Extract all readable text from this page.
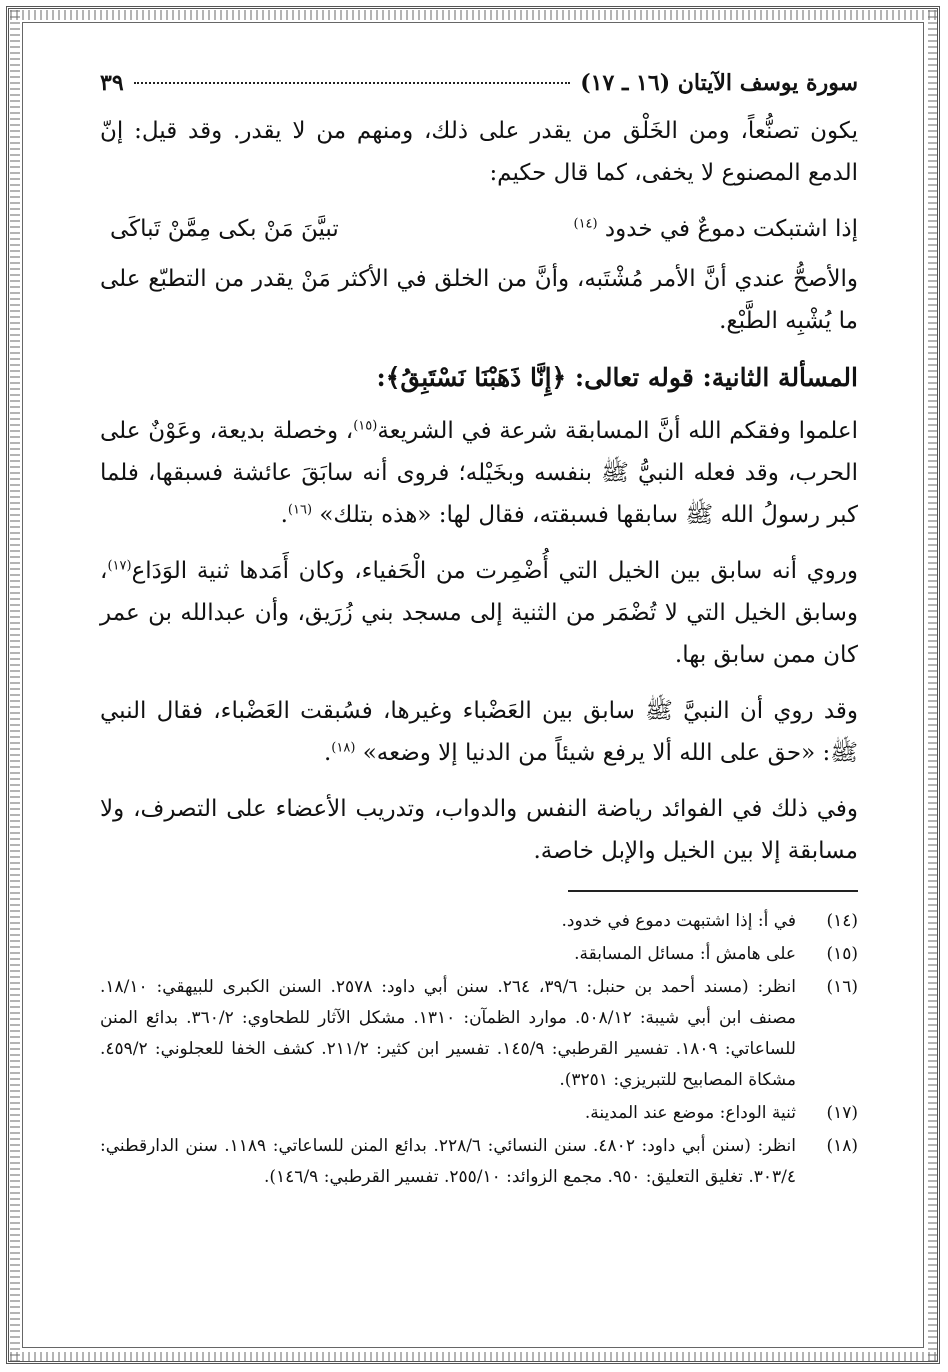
سورة يوسف الآيتان (١٦ ـ ١٧)
٣٩

يكون تصنُّعاً، ومن الخَلْق من يقدر على ذلك، ومنهم من لا يقدر. وقد قيل: إنّ الدمع المصنوع لا يخفى، كما قال حكيم:

إذا اشتبكت دموعٌ في خدود $^{(١٤)}$
تبيَّنَ مَنْ بكى مِمَّنْ تَباكَى

والأصحُّ عندي أنَّ الأمر مُشْتَبه، وأنَّ من الخلق في الأكثر مَنْ يقدر من التطبّع على ما يُشْبِه الطَّبْع.

المسألة الثانية: قوله تعالى: ﴿إِنَّا ذَهَبْنَا نَسْتَبِقُ﴾:

اعلموا وفقكم الله أنَّ المسابقة شرعة في الشريعة$^{(١٥)}$، وخصلة بديعة، وعَوْنٌ على الحرب، وقد فعله النبيُّ ﷺ بنفسه وبخَيْله؛ فروى أنه سابَقَ عائشة فسبقها، فلما كبر رسولُ الله ﷺ سابقها فسبقته، فقال لها: «هذه بتلك» $^{(١٦)}$.

وروي أنه سابق بين الخيل التي أُضْمِرت من الْحَفياء، وكان أَمَدها ثنية الوَدَاع$^{(١٧)}$، وسابق الخيل التي لا تُضْمَر من الثنية إلى مسجد بني زُرَيق، وأن عبدالله بن عمر كان ممن سابق بها.

وقد روي أن النبيَّ ﷺ سابق بين العَضْباء وغيرها، فسُبقت العَضْباء، فقال النبي ﷺ: «حق على الله ألا يرفع شيئاً من الدنيا إلا وضعه» $^{(١٨)}$.

وفي ذلك في الفوائد رياضة النفس والدواب، وتدريب الأعضاء على التصرف، ولا مسابقة إلا بين الخيل والإبل خاصة.

(١٤)
في أ: إذا اشتبهت دموع في خدود.
(١٥)
على هامش أ: مسائل المسابقة.
(١٦)
انظر: (مسند أحمد بن حنبل: ٣٩/٦، ٢٦٤. سنن أبي داود: ٢٥٧٨. السنن الكبرى للبيهقي: ١٨/١٠. مصنف ابن أبي شيبة: ٥٠٨/١٢. موارد الظمآن: ١٣١٠. مشكل الآثار للطحاوي: ٣٦٠/٢. بدائع المنن للساعاتي: ١٨٠٩. تفسير القرطبي: ١٤٥/٩. تفسير ابن كثير: ٢١١/٢. كشف الخفا للعجلوني: ٤٥٩/٢. مشكاة المصابيح للتبريزي: ٣٢٥١).
(١٧)
ثنية الوداع: موضع عند المدينة.
(١٨)
انظر: (سنن أبي داود: ٤٨٠٢. سنن النسائي: ٢٢٨/٦. بدائع المنن للساعاتي: ١١٨٩. سنن الدارقطني: ٣٠٣/٤. تغليق التعليق: ٩٥٠. مجمع الزوائد: ٢٥٥/١٠. تفسير القرطبي: ١٤٦/٩).
